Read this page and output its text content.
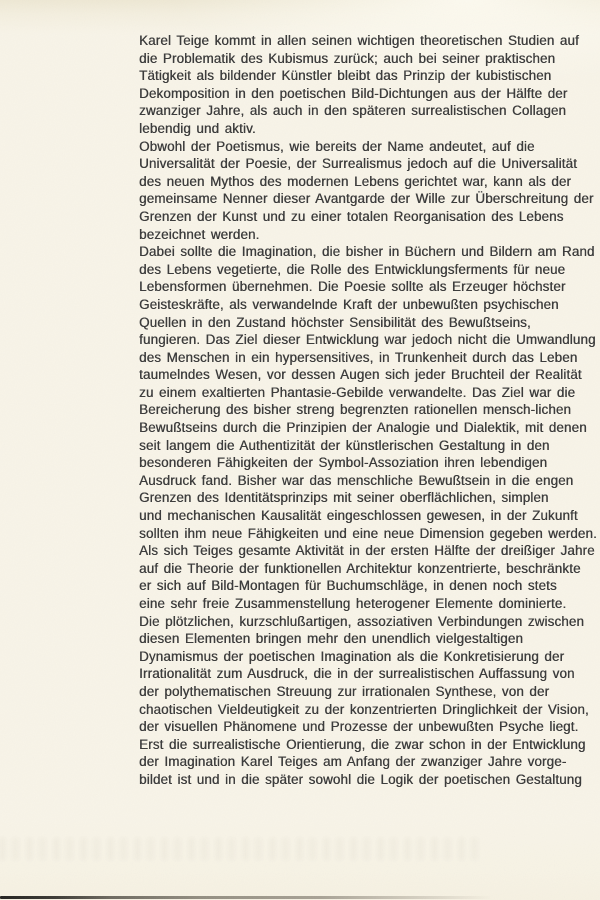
Karel Teige kommt in allen seinen wichtigen theoretischen Studien auf
die Problematik des Kubismus zurück; auch bei seiner praktischen
Tätigkeit als bildender Künstler bleibt das Prinzip der kubistischen
Dekomposition in den poetischen Bild-Dichtungen aus der Hälfte der
zwanziger Jahre, als auch in den späteren surrealistischen Collagen
lebendig und aktiv.
Obwohl der Poetismus, wie bereits der Name andeutet, auf die
Universalität der Poesie, der Surrealismus jedoch auf die Universalität
des neuen Mythos des modernen Lebens gerichtet war, kann als der
gemeinsame Nenner dieser Avantgarde der Wille zur Überschreitung der
Grenzen der Kunst und zu einer totalen Reorganisation des Lebens
bezeichnet werden.
Dabei sollte die Imagination, die bisher in Büchern und Bildern am Rand
des Lebens vegetierte, die Rolle des Entwicklungsferments für neue
Lebensformen übernehmen. Die Poesie sollte als Erzeuger höchster
Geisteskräfte, als verwandelnde Kraft der unbewußten psychischen
Quellen in den Zustand höchster Sensibilität des Bewußtseins,
fungieren. Das Ziel dieser Entwicklung war jedoch nicht die Umwandlung
des Menschen in ein hypersensitives, in Trunkenheit durch das Leben
taumelndes Wesen, vor dessen Augen sich jeder Bruchteil der Realität
zu einem exaltierten Phantasie-Gebilde verwandelte. Das Ziel war die
Bereicherung des bisher streng begrenzten rationellen mensch-lichen
Bewußtseins durch die Prinzipien der Analogie und Dialektik, mit denen
seit langem die Authentizität der künstlerischen Gestaltung in den
besonderen Fähigkeiten der Symbol-Assoziation ihren lebendigen
Ausdruck fand. Bisher war das menschliche Bewußtsein in die engen
Grenzen des Identitätsprinzips mit seiner oberflächlichen, simplen
und mechanischen Kausalität eingeschlossen gewesen, in der Zukunft
sollten ihm neue Fähigkeiten und eine neue Dimension gegeben werden.
Als sich Teiges gesamte Aktivität in der ersten Hälfte der dreißiger Jahre
auf die Theorie der funktionellen Architektur konzentrierte, beschränkte
er sich auf Bild-Montagen für Buchumschläge, in denen noch stets
eine sehr freie Zusammenstellung heterogener Elemente dominierte.
Die plötzlichen, kurzschlußartigen, assoziativen Verbindungen zwischen
diesen Elementen bringen mehr den unendlich vielgestaltigen
Dynamismus der poetischen Imagination als die Konkretisierung der
Irrationalität zum Ausdruck, die in der surrealistischen Auffassung von
der polythematischen Streuung zur irrationalen Synthese, von der
chaotischen Vieldeutigkeit zu der konzentrierten Dringlichkeit der Vision,
der visuellen Phänomene und Prozesse der unbewußten Psyche liegt.
Erst die surrealistische Orientierung, die zwar schon in der Entwicklung
der Imagination Karel Teiges am Anfang der zwanziger Jahre vorge-
bildet ist und in die später sowohl die Logik der poetischen Gestaltung
